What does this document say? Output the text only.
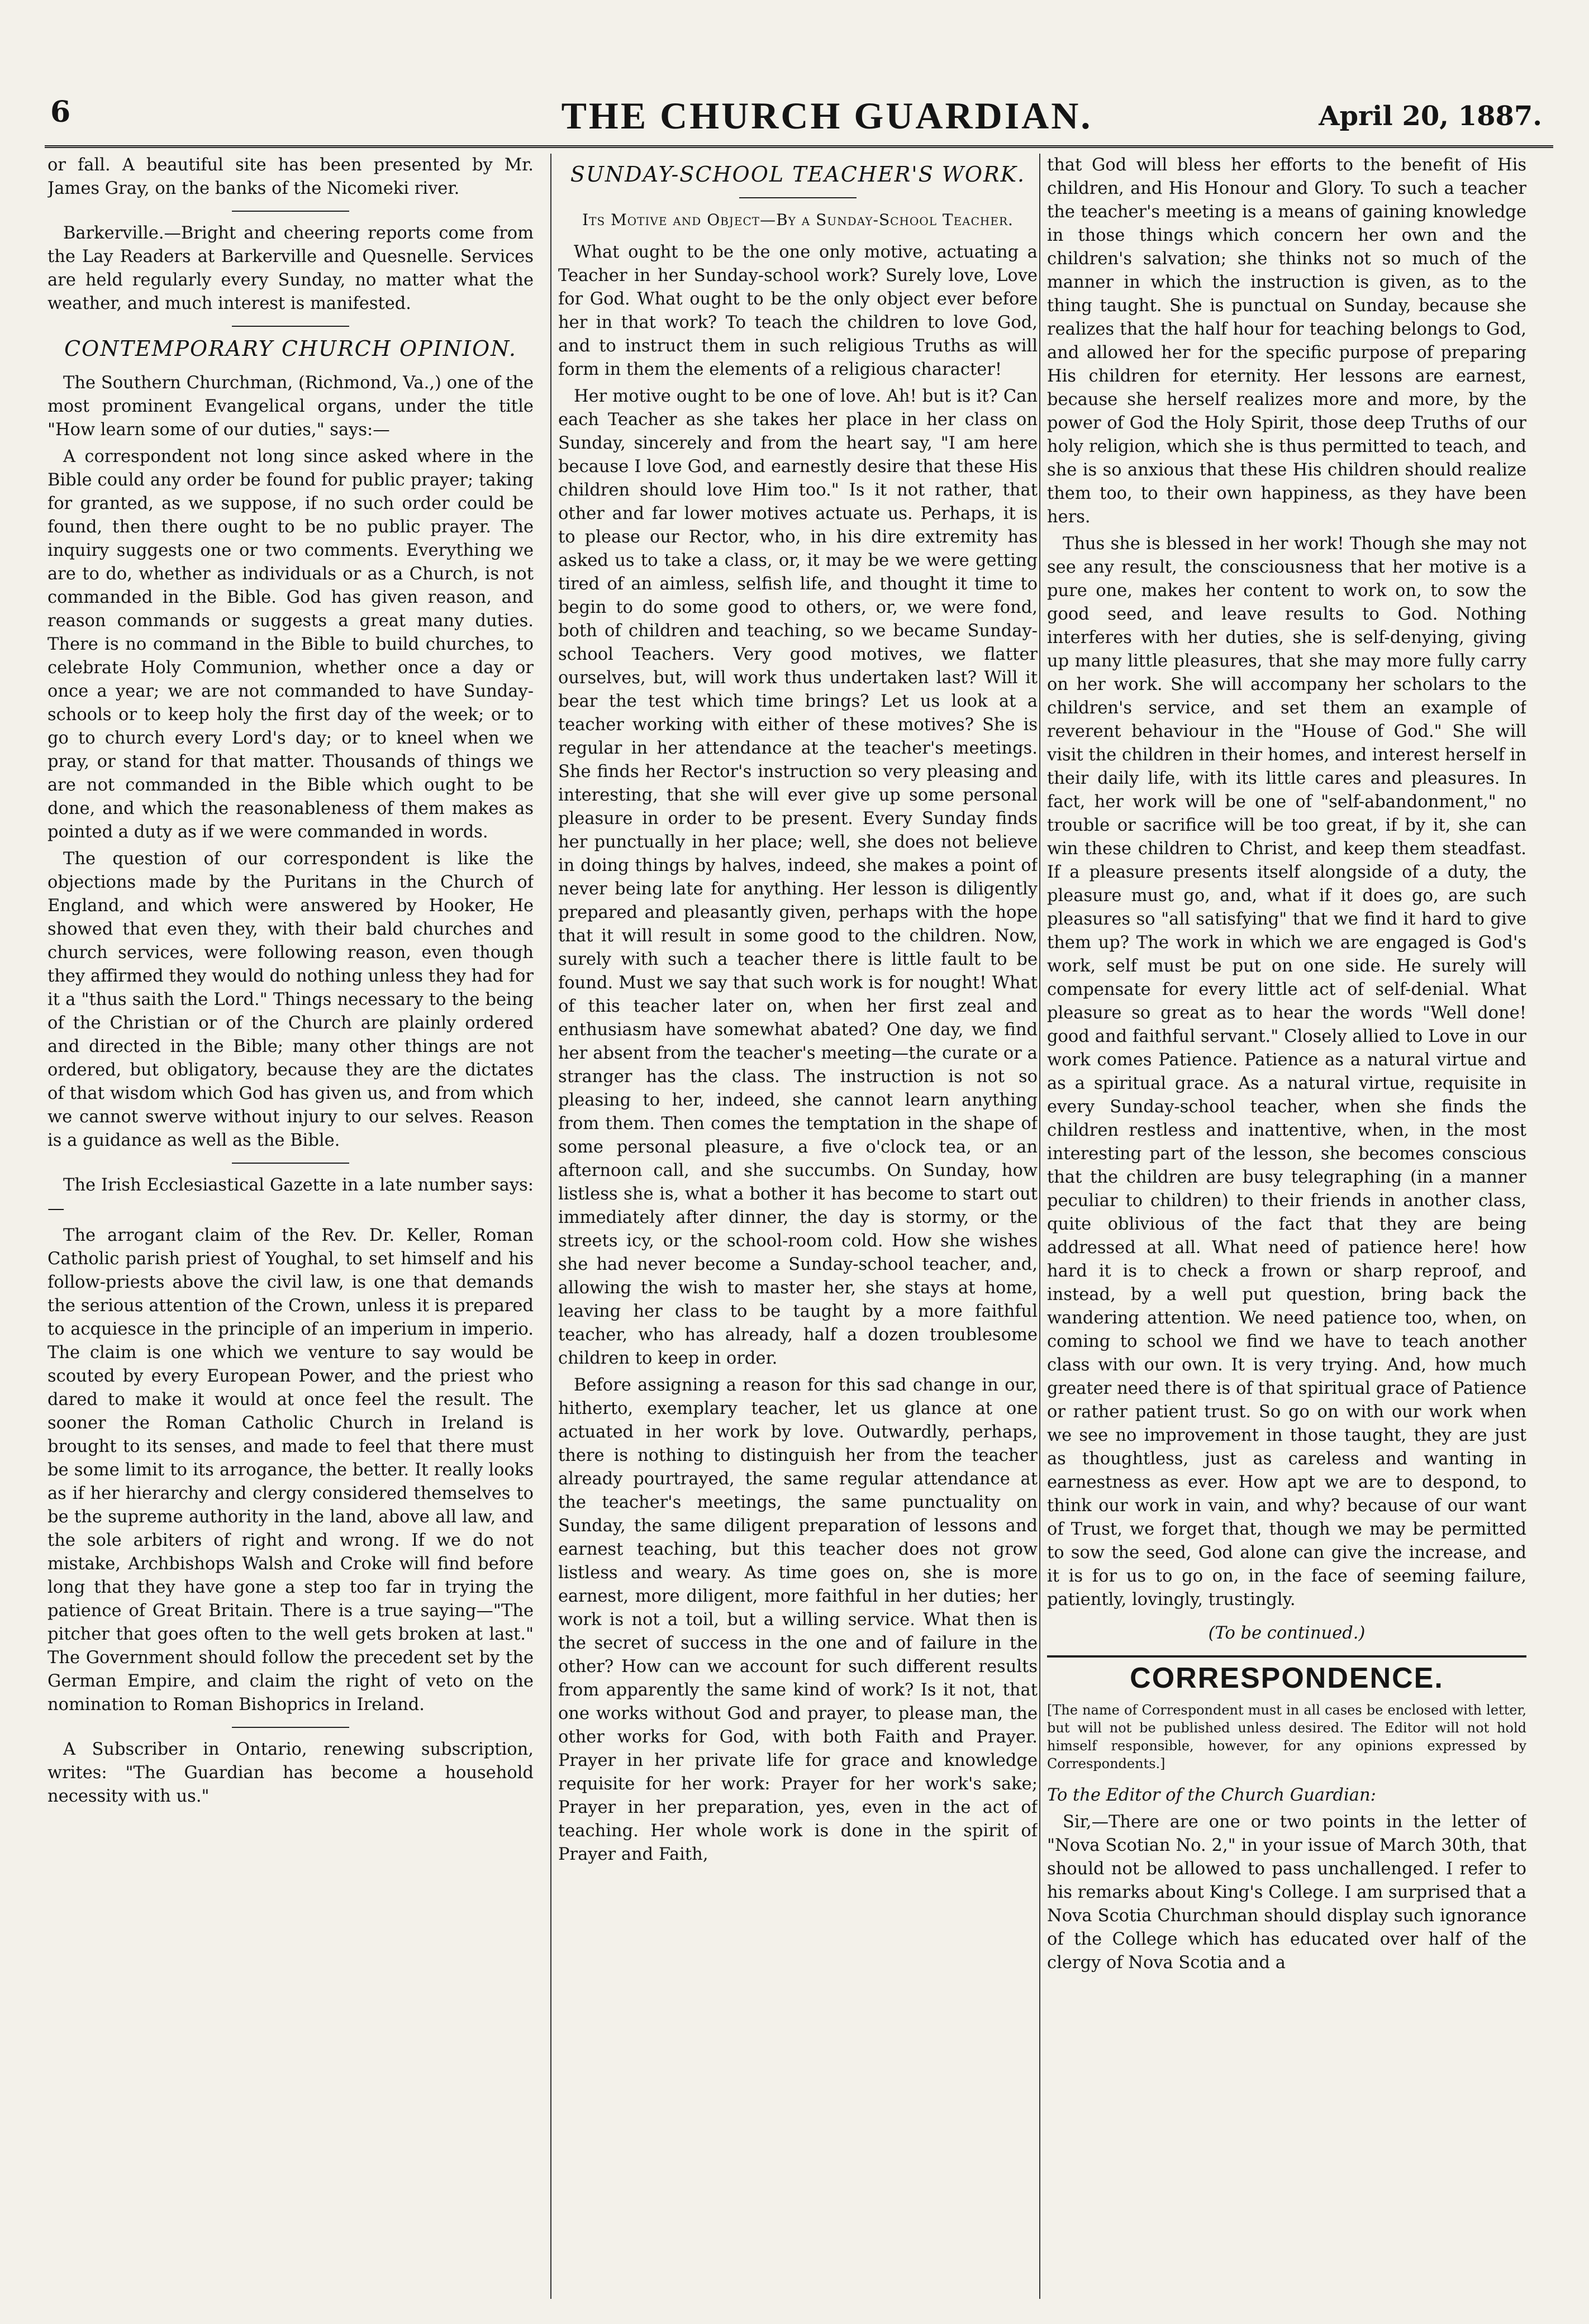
6	THE CHURCH GUARDIAN.	April 20, 1887.

or fall. A beautiful site has been presented by Mr. James Gray, on the banks of the Nicomeki river.

Barkerville.—Bright and cheering reports come from the Lay Readers at Barkerville and Quesnelle. Services are held regularly every Sunday, no matter what the weather, and much interest is manifested.

CONTEMPORARY CHURCH OPINION.

The Southern Churchman, (Richmond, Va.,) one of the most prominent Evangelical organs, under the title "How learn some of our duties," says:—

A correspondent not long since asked where in the Bible could any order be found for public prayer; taking for granted, as we suppose, if no such order could be found, then there ought to be no public prayer. The inquiry suggests one or two comments. Everything we are to do, whether as individuals or as a Church, is not commanded in the Bible. God has given reason, and reason commands or suggests a great many duties. There is no command in the Bible to build churches, to celebrate Holy Communion, whether once a day or once a year; we are not commanded to have Sunday-schools or to keep holy the first day of the week; or to go to church every Lord's day; or to kneel when we pray, or stand for that matter. Thousands of things we are not commanded in the Bible which ought to be done, and which the reasonableness of them makes as pointed a duty as if we were commanded in words.

The question of our correspondent is like the objections made by the Puritans in the Church of England, and which were answered by Hooker, He showed that even they, with their bald churches and church services, were following reason, even though they affirmed they would do nothing unless they had for it a "thus saith the Lord." Things necessary to the being of the Christian or of the Church are plainly ordered and directed in the Bible; many other things are not ordered, but obligatory, because they are the dictates of that wisdom which God has given us, and from which we cannot swerve without injury to our selves. Reason is a guidance as well as the Bible.

The Irish Ecclesiastical Gazette in a late number says:—

The arrogant claim of the Rev. Dr. Keller, Roman Catholic parish priest of Youghal, to set himself and his follow-priests above the civil law, is one that demands the serious attention of the Crown, unless it is prepared to acquiesce in the principle of an imperium in imperio. The claim is one which we venture to say would be scouted by every European Power, and the priest who dared to make it would at once feel the result. The sooner the Roman Catholic Church in Ireland is brought to its senses, and made to feel that there must be some limit to its arrogance, the better. It really looks as if her hierarchy and clergy considered themselves to be the supreme authority in the land, above all law, and the sole arbiters of right and wrong. If we do not mistake, Archbishops Walsh and Croke will find before long that they have gone a step too far in trying the patience of Great Britain. There is a true saying—"The pitcher that goes often to the well gets broken at last." The Government should follow the precedent set by the German Empire, and claim the right of veto on the nomination to Roman Bishoprics in Ireland.

A Subscriber in Ontario, renewing subscription, writes: "The Guardian has become a household necessity with us."

SUNDAY-SCHOOL TEACHER'S WORK.
Its Motive and Object—By a Sunday-School Teacher.

What ought to be the one only motive, actuating a Teacher in her Sunday-school work? Surely love, Love for God. What ought to be the only object ever before her in that work? To teach the children to love God, and to instruct them in such religious Truths as will form in them the elements of a religious character!

Her motive ought to be one of love. Ah! but is it? Can each Teacher as she takes her place in her class on Sunday, sincerely and from the heart say, "I am here because I love God, and earnestly desire that these His children should love Him too." Is it not rather, that other and far lower motives actuate us. Perhaps, it is to please our Rector, who, in his dire extremity has asked us to take a class, or, it may be we were getting tired of an aimless, selfish life, and thought it time to begin to do some good to others, or, we were fond, both of children and teaching, so we became Sunday-school Teachers. Very good motives, we flatter ourselves, but, will work thus undertaken last? Will it bear the test which time brings? Let us look at a teacher working with either of these motives? She is regular in her attendance at the teacher's meetings. She finds her Rector's instruction so very pleasing and interesting, that she will ever give up some personal pleasure in order to be present. Every Sunday finds her punctually in her place; well, she does not believe in doing things by halves, indeed, she makes a point of never being late for anything. Her lesson is diligently prepared and pleasantly given, perhaps with the hope that it will result in some good to the children. Now, surely with such a teacher there is little fault to be found. Must we say that such work is for nought! What of this teacher later on, when her first zeal and enthusiasm have somewhat abated? One day, we find her absent from the teacher's meeting—the curate or a stranger has the class. The instruction is not so pleasing to her, indeed, she cannot learn anything from them. Then comes the temptation in the shape of some personal pleasure, a five o'clock tea, or an afternoon call, and she succumbs. On Sunday, how listless she is, what a bother it has become to start out immediately after dinner, the day is stormy, or the streets icy, or the school-room cold. How she wishes she had never become a Sunday-school teacher, and, allowing the wish to master her, she stays at home, leaving her class to be taught by a more faithful teacher, who has already, half a dozen troublesome children to keep in order.

Before assigning a reason for this sad change in our, hitherto, exemplary teacher, let us glance at one actuated in her work by love. Outwardly, perhaps, there is nothing to distinguish her from the teacher already pourtrayed, the same regular attendance at the teacher's meetings, the same punctuality on Sunday, the same diligent preparation of lessons and earnest teaching, but this teacher does not grow listless and weary. As time goes on, she is more earnest, more diligent, more faithful in her duties; her work is not a toil, but a willing service. What then is the secret of success in the one and of failure in the other? How can we account for such different results from apparently the same kind of work? Is it not, that one works without God and prayer, to please man, the other works for God, with both Faith and Prayer. Prayer in her private life for grace and knowledge requisite for her work: Prayer for her work's sake; Prayer in her preparation, yes, even in the act of teaching. Her whole work is done in the spirit of Prayer and Faith,

that God will bless her efforts to the benefit of His children, and His Honour and Glory. To such a teacher the teacher's meeting is a means of gaining knowledge in those things which concern her own and the children's salvation; she thinks not so much of the manner in which the instruction is given, as to the thing taught. She is punctual on Sunday, because she realizes that the half hour for teaching belongs to God, and allowed her for the specific purpose of preparing His children for eternity. Her lessons are earnest, because she herself realizes more and more, by the power of God the Holy Spirit, those deep Truths of our holy religion, which she is thus permitted to teach, and she is so anxious that these His children should realize them too, to their own happiness, as they have been hers.

Thus she is blessed in her work! Though she may not see any result, the consciousness that her motive is a pure one, makes her content to work on, to sow the good seed, and leave results to God. Nothing interferes with her duties, she is self-denying, giving up many little pleasures, that she may more fully carry on her work. She will accompany her scholars to the children's service, and set them an example of reverent behaviour in the "House of God." She will visit the children in their homes, and interest herself in their daily life, with its little cares and pleasures. In fact, her work will be one of "self-abandonment," no trouble or sacrifice will be too great, if by it, she can win these children to Christ, and keep them steadfast. If a pleasure presents itself alongside of a duty, the pleasure must go, and, what if it does go, are such pleasures so "all satisfying" that we find it hard to give them up? The work in which we are engaged is God's work, self must be put on one side. He surely will compensate for every little act of self-denial. What pleasure so great as to hear the words "Well done! good and faithful servant." Closely allied to Love in our work comes Patience. Patience as a natural virtue and as a spiritual grace. As a natural virtue, requisite in every Sunday-school teacher, when she finds the children restless and inattentive, when, in the most interesting part of the lesson, she becomes conscious that the children are busy telegraphing (in a manner peculiar to children) to their friends in another class, quite oblivious of the fact that they are being addressed at all. What need of patience here! how hard it is to check a frown or sharp reproof, and instead, by a well put question, bring back the wandering attention. We need patience too, when, on coming to school we find we have to teach another class with our own. It is very trying. And, how much greater need there is of that spiritual grace of Patience or rather patient trust. So go on with our work when we see no improvement in those taught, they are just as thoughtless, just as careless and wanting in earnestness as ever. How apt we are to despond, to think our work in vain, and why? because of our want of Trust, we forget that, though we may be permitted to sow the seed, God alone can give the increase, and it is for us to go on, in the face of seeming failure, patiently, lovingly, trustingly.

(To be continued.)
CORRESPONDENCE.

[The name of Correspondent must in all cases be enclosed with letter, but will not be published unless desired. The Editor will not hold himself responsible, however, for any opinions expressed by Correspondents.]

To the Editor of the Church Guardian:

Sir,—There are one or two points in the letter of "Nova Scotian No. 2," in your issue of March 30th, that should not be allowed to pass unchallenged. I refer to his remarks about King's College. I am surprised that a Nova Scotia Churchman should display such ignorance of the College which has educated over half of the clergy of Nova Scotia and a
